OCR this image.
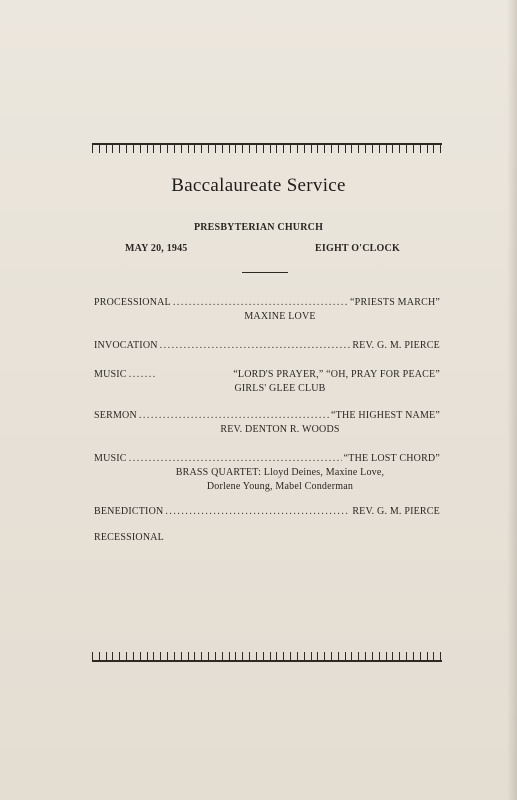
Baccalaureate Service
PRESBYTERIAN CHURCH
MAY 20, 1945	EIGHT O'CLOCK
PROCESSIONAL . . .	“PRIESTS MARCH”
MAXINE LOVE
INVOCATION . . .	REV. G. M. PIERCE
MUSIC . . .	“LORD'S PRAYER,” “OH, PRAY FOR PEACE”
GIRLS' GLEE CLUB
SERMON . . .	“THE HIGHEST NAME”
REV. DENTON R. WOODS
MUSIC . . .	“THE LOST CHORD”
BRASS QUARTET: Lloyd Deines, Maxine Love,
Dorlene Young, Mabel Conderman
BENEDICTION . . .	REV. G. M. PIERCE
RECESSIONAL
